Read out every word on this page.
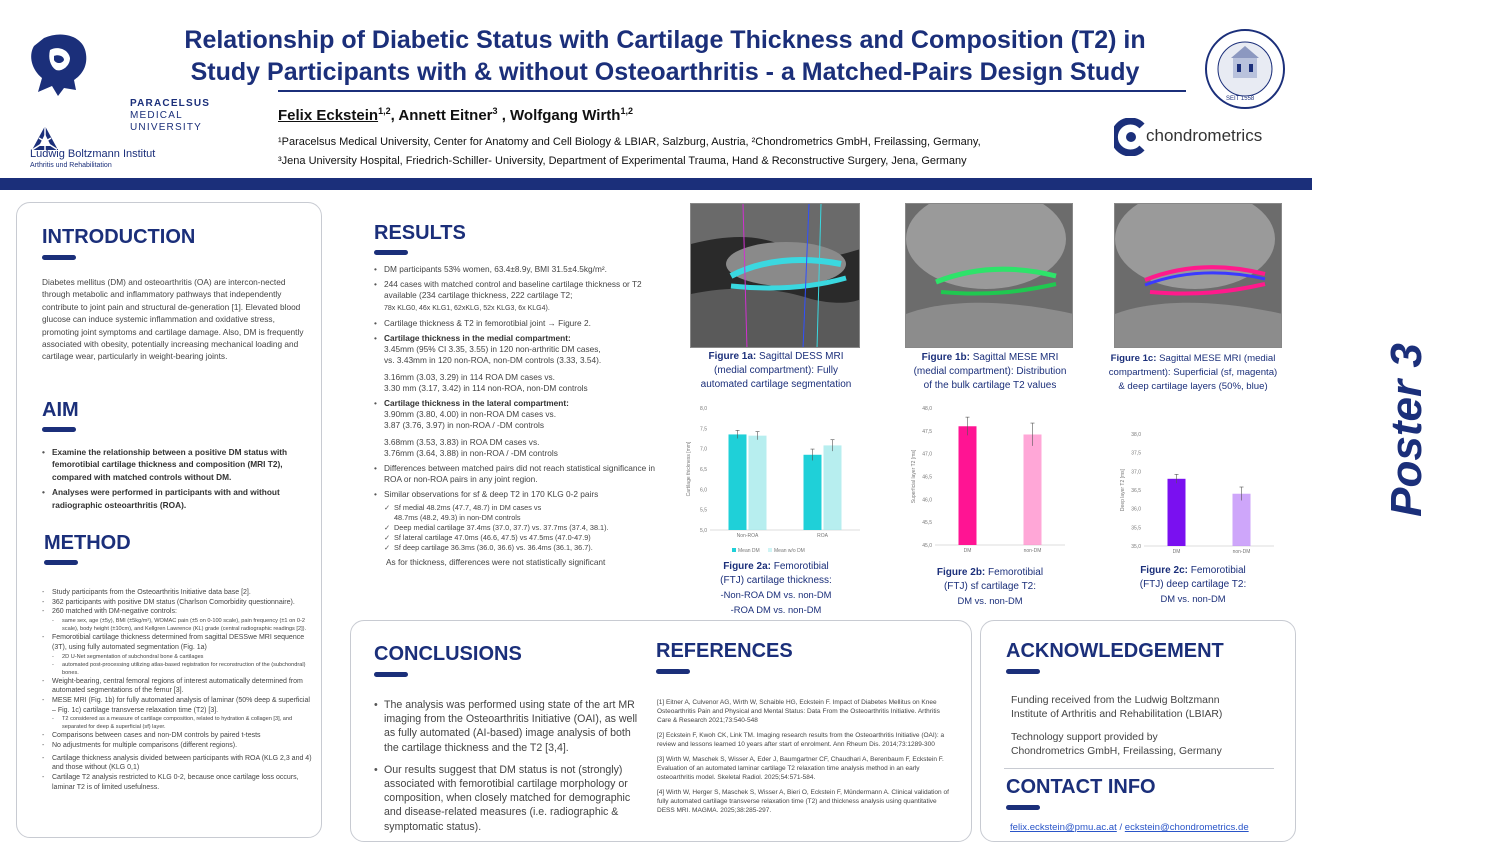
PARACELSUS
MEDICAL
UNIVERSITY
Ludwig Boltzmann Institut
Arthritis und Rehabilitation
Relationship of Diabetic Status with Cartilage Thickness and Composition (T2) in
Study Participants with & without Osteoarthritis - a Matched-Pairs Design Study
SEIT 1558
Felix Eckstein$^{1,2}$, Annett Eitner$^3$ , Wolfgang Wirth$^{1,2}$
¹Paracelsus Medical University, Center for Anatomy and Cell Biology & LBIAR, Salzburg, Austria, ²Chondrometrics GmbH, Freilassing, Germany,
³Jena University Hospital, Friedrich-Schiller- University, Department of Experimental Trauma, Hand & Reconstructive Surgery, Jena, Germany
chondrometrics
Poster 3
INTRODUCTION
Diabetes mellitus (DM) and osteoarthritis (OA) are intercon-nected through metabolic and inflammatory pathways that independently contribute to joint pain and structural de-generation [1]. Elevated blood glucose can induce systemic inflammation and oxidative stress, promoting joint symptoms and cartilage damage. Also, DM is frequently associated with obesity, potentially increasing mechanical loading and cartilage wear, particularly in weight-bearing joints.
AIM
• Examine the relationship between a positive DM status with femorotibial cartilage thickness and composition (MRI T2), compared with matched controls without DM.
• Analyses were performed in participants with and without radiographic osteoarthritis (ROA).
METHOD
- Study participants from the Osteoarthritis Initiative data base [2].
- 362 participants with positive DM status (Charlson Comorbidity questionnaire).
- 260 matched with DM-negative controls:
- same sex, age (±5y), BMI (±5kg/m²), WOMAC pain (±5 on 0-100 scale), pain frequency (±1 on 0-2 scale), body height (±10cm), and Kellgren Lawrence (KL) grade (central radiographic readings [2]).
- Femorotibial cartilage thickness determined from sagittal DESSwe MRI sequence (3T), using fully automated segmentation (Fig. 1a)
- 2D U-Net segmentation of subchondral bone & cartilages
- automated post-processing utilizing atlas-based registration for reconstruction of the (subchondral) bones.
- Weight-bearing, central femoral regions of interest automatically determined from automated segmentations of the femur [3].
- MESE MRI (Fig. 1b) for fully automated analysis of laminar (50% deep & superficial – Fig. 1c) cartilage transverse relaxation time (T2) [3].
- T2 considered as a measure of cartilage composition, related to hydration & collagen [3], and separated for deep & superficial (sf) layer.
- Comparisons between cases and non-DM controls by paired t-tests
- No adjustments for multiple comparisons (different regions).
- Cartilage thickness analysis divided between participants with ROA (KLG 2,3 and 4) and those without (KLG 0,1)
- Cartilage T2 analysis restricted to KLG 0-2, because once cartilage loss occurs, laminar T2 is of limited usefulness.
RESULTS
• DM participants 53% women, 63.4±8.9y, BMI 31.5±4.5kg/m².
• 244 cases with matched control and baseline cartilage thickness or T2 available (234 cartilage thickness, 222 cartilage T2;
78x KLG0, 46x KLG1, 62xKLG, 52x KLG3, 6x KLG4).
• Cartilage thickness & T2 in femorotibial joint → Figure 2.
• Cartilage thickness in the medial compartment:
3.45mm (95% CI 3.35, 3.55) in 120 non-arthritic DM cases,
vs. 3.43mm in 120 non-ROA, non-DM controls (3.33, 3.54).
3.16mm (3.03, 3.29) in 114 ROA DM cases vs.
3.30 mm (3.17, 3.42) in 114 non-ROA, non-DM controls
• Cartilage thickness in the lateral compartment:
3.90mm (3.80, 4.00) in non-ROA DM cases vs.
3.87 (3.76, 3.97) in non-ROA / -DM controls
3.68mm (3.53, 3.83) in ROA DM cases vs.
3.76mm (3.64, 3.88) in non-ROA / -DM controls
• Differences between matched pairs did not reach statistical significance in ROA or non-ROA pairs in any joint region.
• Similar observations for sf & deep T2 in 170 KLG 0-2 pairs
✓ Sf medial 48.2ms (47.7, 48.7) in DM cases vs
48.7ms (48.2, 49.3) in non-DM controls
✓ Deep medial cartilage 37.4ms (37.0, 37.7) vs. 37.7ms (37.4, 38.1).
✓ Sf lateral cartilage 47.0ms (46.6, 47.5) vs 47.5ms (47.0-47.9)
✓ Sf deep cartilage 36.3ms (36.0, 36.6) vs. 36.4ms (36.1, 36.7).
As for thickness, differences were not statistically significant
Figure 1a: Sagittal DESS MRI
(medial compartment): Fully
automated cartilage segmentation
Figure 1b: Sagittal MESE MRI
(medial compartment): Distribution
of the bulk cartilage T2 values
Figure 1c: Sagittal MESE MRI (medial
compartment): Superficial (sf, magenta)
& deep cartilage layers (50%, blue)
8,0
7,5
7,0
6,5
6,0
5,5
5,0
Cartilage thickness [mm]
Non-ROA	ROA
Mean DM	Mean w/o DM
48,0
47,5
47,0
46,5
46,0
45,5
45,0
Superficial layer T2 [ms]
DM	non-DM
38,0
37,5
37,0
36,5
36,0
35,5
35,0
Deep layer T2 [ms]
DM	non-DM
Figure 2a: Femorotibial
(FTJ) cartilage thickness:
-Non-ROA DM vs. non-DM
-ROA DM vs. non-DM
Figure 2b: Femorotibial
(FTJ) sf cartilage T2:
DM vs. non-DM
Figure 2c: Femorotibial
(FTJ) deep cartilage T2:
DM vs. non-DM
CONCLUSIONS
• The analysis was performed using state of the art MR imaging from the Osteoarthritis Initiative (OAI), as well as fully automated (AI-based) image analysis of both the cartilage thickness and the T2 [3,4].
• Our results suggest that DM status is not (strongly) associated with femorotibial cartilage morphology or composition, when closely matched for demographic and disease-related measures (i.e. radiographic & symptomatic status).
REFERENCES

[1] Eitner A, Culvenor AG, Wirth W, Schaible HG, Eckstein F. Impact of Diabetes Mellitus on Knee Osteoarthritis Pain and Physical and Mental Status: Data From the Osteoarthritis Initiative. Arthritis Care & Research 2021;73:540-548

[2] Eckstein F, Kwoh CK, Link TM. Imaging research results from the Osteoarthritis Initiative (OAI): a review and lessons learned 10 years after start of enrolment. Ann Rheum Dis. 2014;73:1289-300

[3] Wirth W, Maschek S, Wisser A, Eder J, Baumgartner CF, Chaudhari A, Berenbaum F, Eckstein F. Evaluation of an automated laminar cartilage T2 relaxation time analysis method in an early osteoarthritis model. Skeletal Radiol. 2025;54:571-584.

[4] Wirth W, Herger S, Maschek S, Wisser A, Bieri O, Eckstein F, Mündermann A. Clinical validation of fully automated cartilage transverse relaxation time (T2) and thickness analysis using quantitative DESS MRI. MAGMA. 2025;38:285-297.

ACKNOWLEDGEMENT
Funding received from the Ludwig Boltzmann
Institute of Arthritis and Rehabilitation (LBIAR)
Technology support provided by
Chondrometrics GmbH, Freilassing, Germany
CONTACT INFO
felix.eckstein@pmu.ac.at / eckstein@chondrometrics.de
